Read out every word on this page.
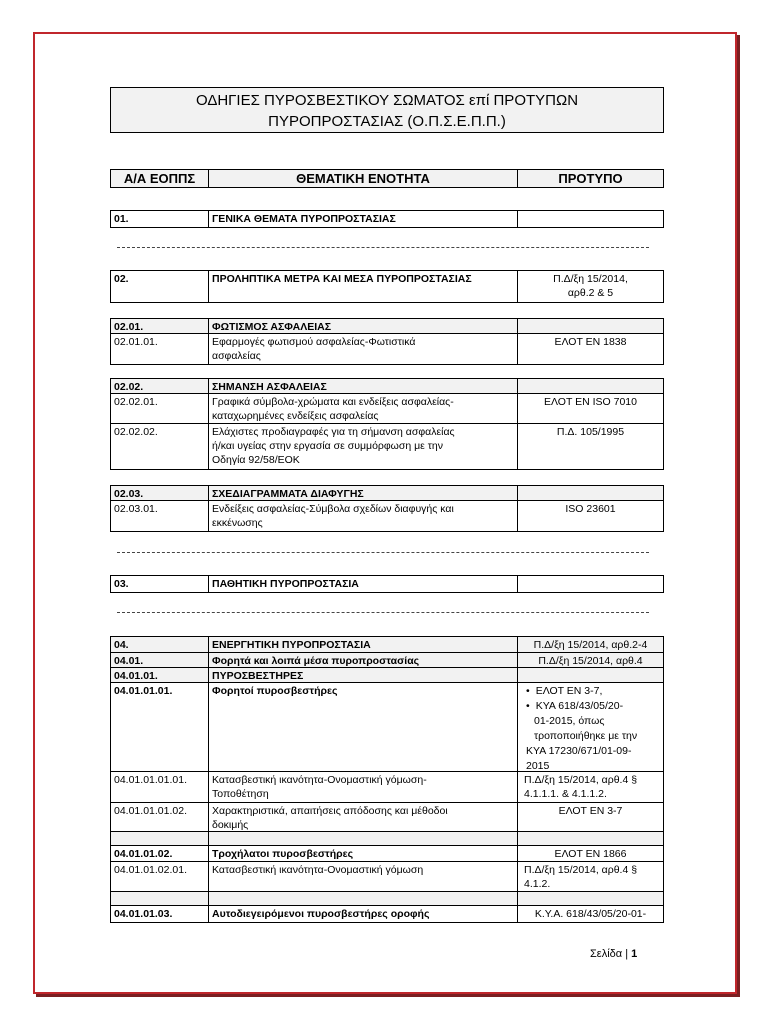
ΟΔΗΓΙΕΣ ΠΥΡΟΣΒΕΣΤΙΚΟΥ ΣΩΜΑΤΟΣ επί ΠΡΟΤΥΠΩΝ
ΠΥΡΟΠΡΟΣΤΑΣΙΑΣ (Ο.Π.Σ.Ε.Π.Π.)
Α/Α ΕΟΠΠΣ	ΘΕΜΑΤΙΚΗ ΕΝΟΤΗΤΑ	ΠΡΟΤΥΠΟ
01.	ΓΕΝΙΚΑ ΘΕΜΑΤΑ ΠΥΡΟΠΡΟΣΤΑΣΙΑΣ
02.	ΠΡΟΛΗΠΤΙΚΑ ΜΕΤΡΑ ΚΑΙ ΜΕΣΑ ΠΥΡΟΠΡΟΣΤΑΣΙΑΣ	Π.Δ/ξη 15/2014,
αρθ.2 & 5
02.01.	ΦΩΤΙΣΜΟΣ ΑΣΦΑΛΕΙΑΣ
02.01.01.	Εφαρμογές φωτισμού ασφαλείας-Φωτιστικά
ασφαλείας
ΕΛΟΤ ΕΝ 1838
02.02.	ΣΗΜΑΝΣΗ ΑΣΦΑΛΕΙΑΣ
02.02.01.	Γραφικά σύμβολα-χρώματα και ενδείξεις ασφαλείας-
καταχωρημένες ενδείξεις ασφαλείας
ΕΛΟΤ ΕΝ ISO 7010
02.02.02.	Ελάχιστες προδιαγραφές για τη σήμανση ασφαλείας
ή/και υγείας στην εργασία σε συμμόρφωση με την
Οδηγία 92/58/ΕΟΚ
Π.Δ. 105/1995
02.03.	ΣΧΕΔΙΑΓΡΑΜΜΑΤΑ ΔΙΑΦΥΓΗΣ
02.03.01.	Ενδείξεις ασφαλείας-Σύμβολα σχεδίων διαφυγής και
εκκένωσης
ISO 23601
03.	ΠΑΘΗΤΙΚΗ ΠΥΡΟΠΡΟΣΤΑΣΙΑ
04.	ΕΝΕΡΓΗΤΙΚΗ ΠΥΡΟΠΡΟΣΤΑΣΙΑ	Π.Δ/ξη 15/2014, αρθ.2-4
04.01.	Φορητά και λοιπά μέσα πυροπροστασίας	Π.Δ/ξη 15/2014, αρθ.4
04.01.01.	ΠΥΡΟΣΒΕΣΤΗΡΕΣ
04.01.01.01.	Φορητοί πυροσβεστήρες
•	ΕΛΟΤ ΕΝ 3-7,
• ΚΥΑ 618/43/05/20-
01-2015, όπως
τροποποιήθηκε με την
ΚΥΑ 17230/671/01-09-
2015
04.01.01.01.01.	Κατασβεστική ικανότητα-Ονομαστική γόμωση-
Τοποθέτηση
Π.Δ/ξη 15/2014, αρθ.4 §
4.1.1.1. & 4.1.1.2.
04.01.01.01.02.	Χαρακτηριστικά, απαιτήσεις απόδοσης και μέθοδοι
δοκιμής
ΕΛΟΤ ΕΝ 3-7
04.01.01.02.	Τροχήλατοι πυροσβεστήρες	ΕΛΟΤ ΕΝ 1866
04.01.01.02.01.	Κατασβεστική ικανότητα-Ονομαστική γόμωση	Π.Δ/ξη 15/2014, αρθ.4 §
4.1.2.
04.01.01.03.	Αυτοδιεγειρόμενοι πυροσβεστήρες οροφής	Κ.Υ.Α. 618/43/05/20-01-
Σελίδα | 1
